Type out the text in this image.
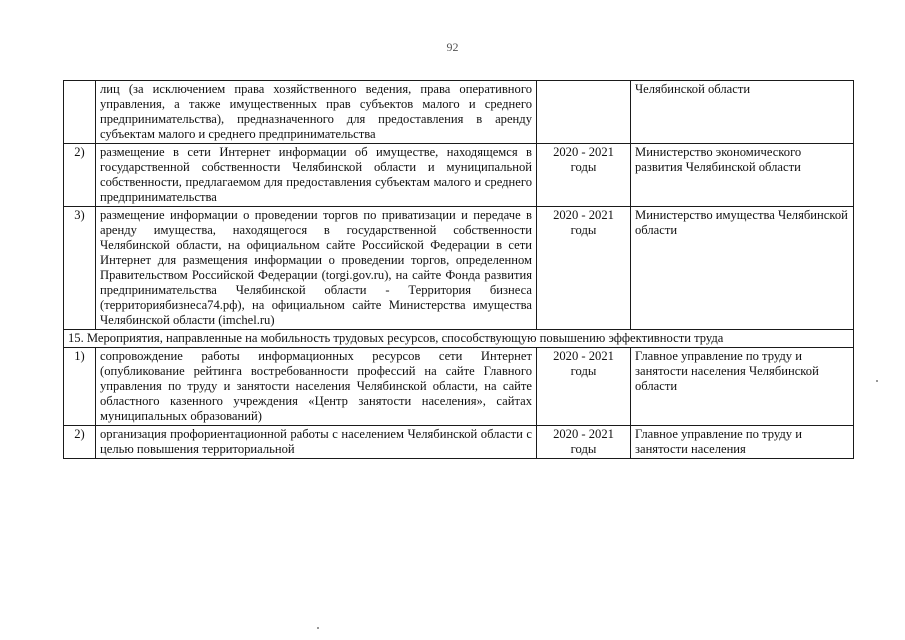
92
	лиц (за исключением права хозяйственного ведения, права оперативного управления, а также имущественных прав субъектов малого и среднего предпринимательства), предназначенного для предоставления в аренду субъектам малого и среднего предпринимательства		Челябинской области
2)	размещение в сети Интернет информации об имуществе, находящемся в государственной собственности Челябинской области и муниципальной собственности, предлагаемом для предоставления субъектам малого и среднего предпринимательства	2020 - 2021 годы	Министерство экономического развития Челябинской области
3)	размещение информации о проведении торгов по приватизации и передаче в аренду имущества, находящегося в государственной собственности Челябинской области, на официальном сайте Российской Федерации в сети Интернет для размещения информации о проведении торгов, определенном Правительством Российской Федерации (torgi.gov.ru), на сайте Фонда развития предпринимательства Челябинской области - Территория бизнеса (территориябизнеса74.рф), на официальном сайте Министерства имущества Челябинской области (imchel.ru)	2020 - 2021 годы	Министерство имущества Челябинской области
15. Мероприятия, направленные на мобильность трудовых ресурсов, способствующую повышению эффективности труда			
1)	сопровождение работы информационных ресурсов сети Интернет (опубликование рейтинга востребованности профессий на сайте Главного управления по труду и занятости населения Челябинской области, на сайте областного казенного учреждения «Центр занятости населения», сайтах муниципальных образований)	2020 - 2021 годы	Главное управление по труду и занятости населения Челябинской области
2)	организация профориентационной работы с населением Челябинской области с целью повышения территориальной	2020 - 2021 годы	Главное управление по труду и занятости населения
